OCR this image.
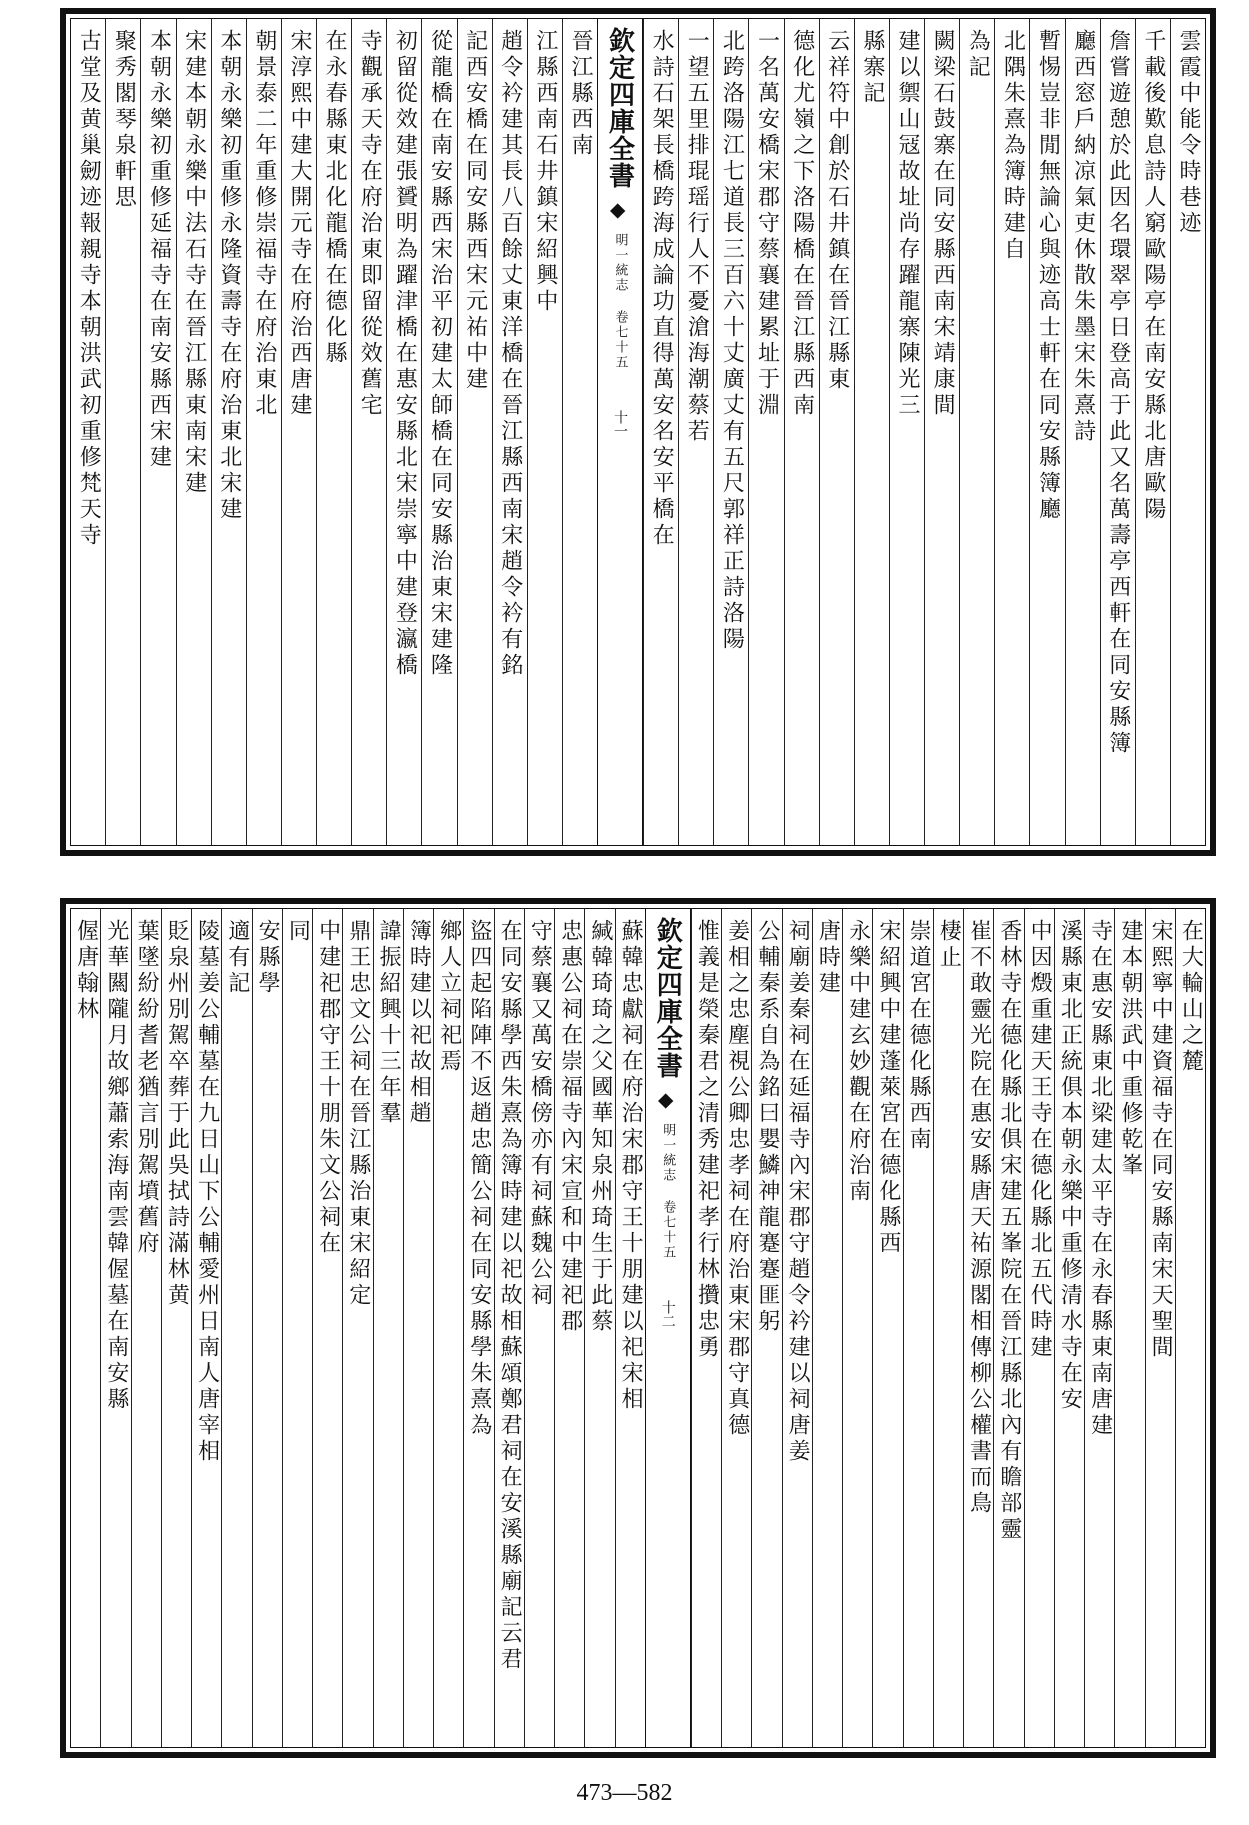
雲霞中能令時巷迹
千載後歎息詩人窮歐陽亭在南安縣北唐歐陽
詹嘗遊憩於此因名環翠亭日登高于此又名萬壽亭西軒在同安縣簿
廳西窓戶納凉氣吏休散朱墨宋朱熹詩
暫惕豈非閒無論心與迹高士軒在同安縣簿廳
北隅朱熹為簿時建自
為記
闕梁石鼓寨在同安縣西南宋靖康間
建以禦山冦故址尚存躍龍寨陳光三
縣寨記
云祥符中創於石井鎮在晉江縣東
德化尤嶺之下洛陽橋在晉江縣西南
一名萬安橋宋郡守蔡襄建累址于淵
北跨洛陽江七道長三百六十丈廣丈有五尺郭祥正詩洛陽
一望五里排琨瑶行人不憂滄海潮蔡若
水詩石架長橋跨海成論功直得萬安名安平橋在
欽定四庫全書
◆
明一統志 卷七十五
十一
晉江縣西南
江縣西南石井鎮宋紹興中
趙令衿建其長八百餘丈東洋橋在晉江縣西南宋趙令衿有銘
記西安橋在同安縣西宋元祐中建
從龍橋在南安縣西宋治平初建太師橋在同安縣治東宋建隆
初留從效建張贇明為躍津橋在惠安縣北宋崇寧中建登瀛橋
寺觀承天寺在府治東即留從效舊宅
在永春縣東北化龍橋在德化縣
宋淳熙中建大開元寺在府治西唐建
朝景泰二年重修崇福寺在府治東北
本朝永樂初重修永隆資壽寺在府治東北宋建
宋建本朝永樂中法石寺在晉江縣東南宋建
本朝永樂初重修延福寺在南安縣西宋建
聚秀閣琴泉軒思
古堂及黄巢劒迹報親寺本朝洪武初重修梵天寺
在大輪山之麓
宋熙寧中建資福寺在同安縣南宋天聖間
建本朝洪武中重修乾峯
寺在惠安縣東北梁建太平寺在永春縣東南唐建
溪縣東北正統俱本朝永樂中重修清水寺在安
中因燬重建天王寺在德化縣北五代時建
香林寺在德化縣北俱宋建五峯院在晉江縣北內有瞻部靈
崔不敢靈光院在惠安縣唐天祐源閣相傳柳公權書而鳥
棲止
崇道宮在德化縣西南
宋紹興中建蓬萊宮在德化縣西
永樂中建玄妙觀在府治南
唐時建
祠廟姜秦祠在延福寺內宋郡守趙令衿建以祠唐姜
公輔秦系自為銘曰嬰鱗神龍蹇蹇匪躬
姜相之忠塵視公卿忠孝祠在府治東宋郡守真德
惟義是榮秦君之清秀建祀孝行林攢忠勇
欽定四庫全書
◆
明一統志 卷七十五
十二
蘇韓忠獻祠在府治宋郡守王十朋建以祀宋相
緘韓琦琦之父國華知泉州琦生于此蔡
忠惠公祠在崇福寺內宋宣和中建祀郡
守蔡襄又萬安橋傍亦有祠蘇魏公祠
在同安縣學西朱熹為簿時建以祀故相蘇頌鄭君祠在安溪縣廟記云君
盜四起陷陣不返趙忠簡公祠在同安縣學朱熹為
鄉人立祠祀焉
簿時建以祀故相趙
諱振紹興十三年羣
鼎王忠文公祠在晉江縣治東宋紹定
中建祀郡守王十朋朱文公祠在
同
安縣學
適有記
陵墓姜公輔墓在九日山下公輔愛州日南人唐宰相
貶泉州別駕卒葬于此吳拭詩滿林黄
葉墜紛紛耆老猶言別駕墳舊府
光華闗隴月故鄉蕭索海南雲韓偓墓在南安縣
偓唐翰林
473—582
